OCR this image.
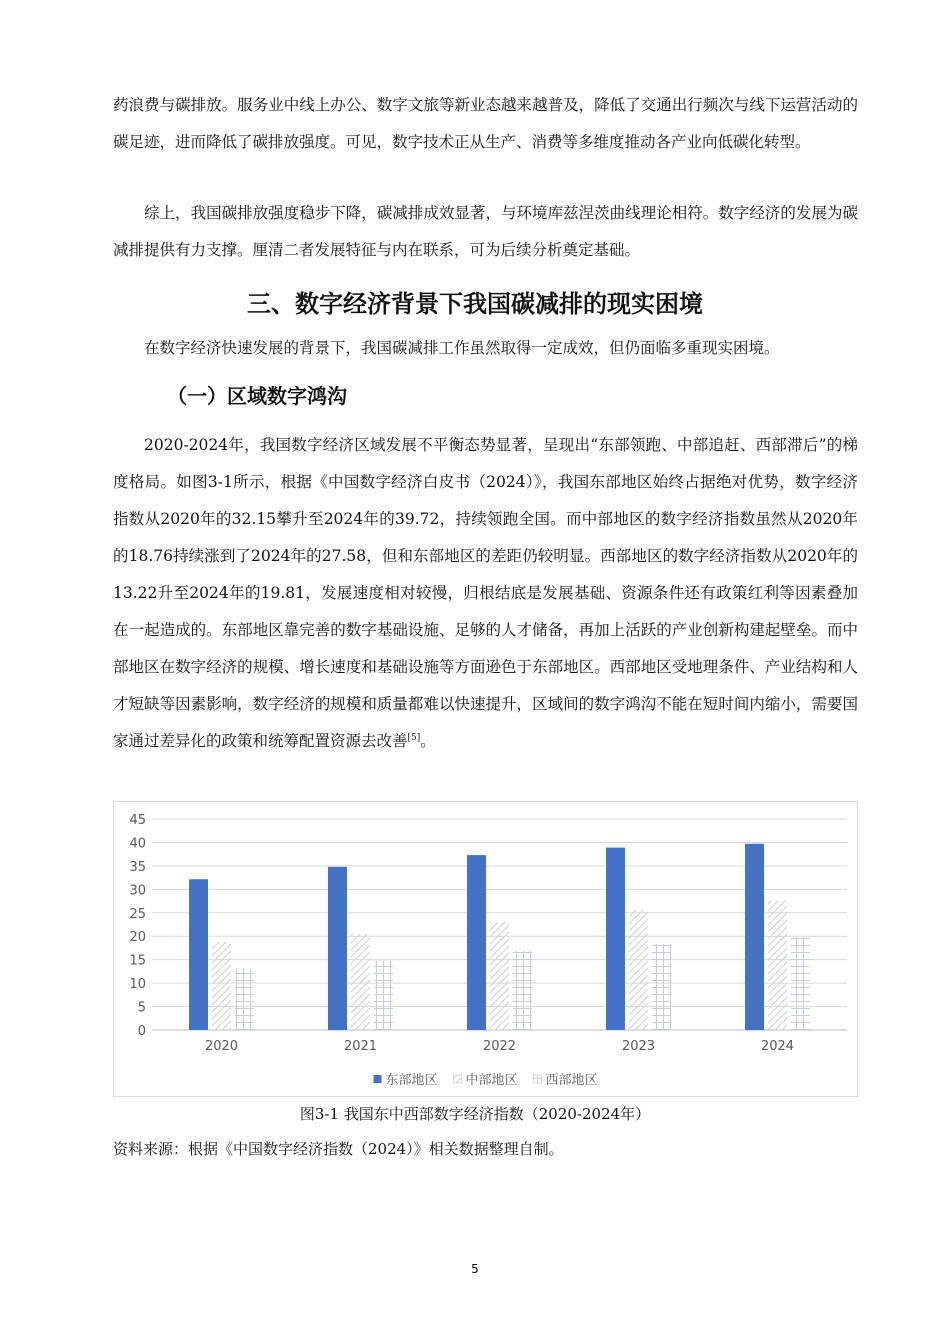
药浪费与碳排放。服务业中线上办公、数字文旅等新业态越来越普及，降低了交通出行频次与线下运营活动的碳足迹，进而降低了碳排放强度。可见，数字技术正从生产、消费等多维度推动各产业向低碳化转型。

综上，我国碳排放强度稳步下降，碳减排成效显著，与环境库兹涅茨曲线理论相符。数字经济的发展为碳减排提供有力支撑。厘清二者发展特征与内在联系，可为后续分析奠定基础。

三、数字经济背景下我国碳减排的现实困境

在数字经济快速发展的背景下，我国碳减排工作虽然取得一定成效，但仍面临多重现实困境。

（一）区域数字鸿沟

2020-2024年，我国数字经济区域发展不平衡态势显著，呈现出“东部领跑、中部追赶、西部滞后”的梯度格局。如图3-1所示，根据《中国数字经济白皮书（2024）》，我国东部地区始终占据绝对优势，数字经济指数从2020年的32.15攀升至2024年的39.72，持续领跑全国。而中部地区的数字经济指数虽然从2020年的18.76持续涨到了2024年的27.58，但和东部地区的差距仍较明显。西部地区的数字经济指数从2020年的13.22升至2024年的19.81，发展速度相对较慢，归根结底是发展基础、资源条件还有政策红利等因素叠加在一起造成的。东部地区靠完善的数字基础设施、足够的人才储备，再加上活跃的产业创新构建起壁垒。而中部地区在数字经济的规模、增长速度和基础设施等方面逊色于东部地区。西部地区受地理条件、产业结构和人才短缺等因素影响，数字经济的规模和质量都难以快速提升，区域间的数字鸿沟不能在短时间内缩小，需要国家通过差异化的政策和统筹配置资源去改善[5]。

0
5
10
15
20
25
30
35
40
45
2020	2021	2022	2023	2024
东部地区 中部地区 西部地区

图3-1 我国东中西部数字经济指数（2020-2024年）

资料来源：根据《中国数字经济指数（2024）》相关数据整理自制。

5
